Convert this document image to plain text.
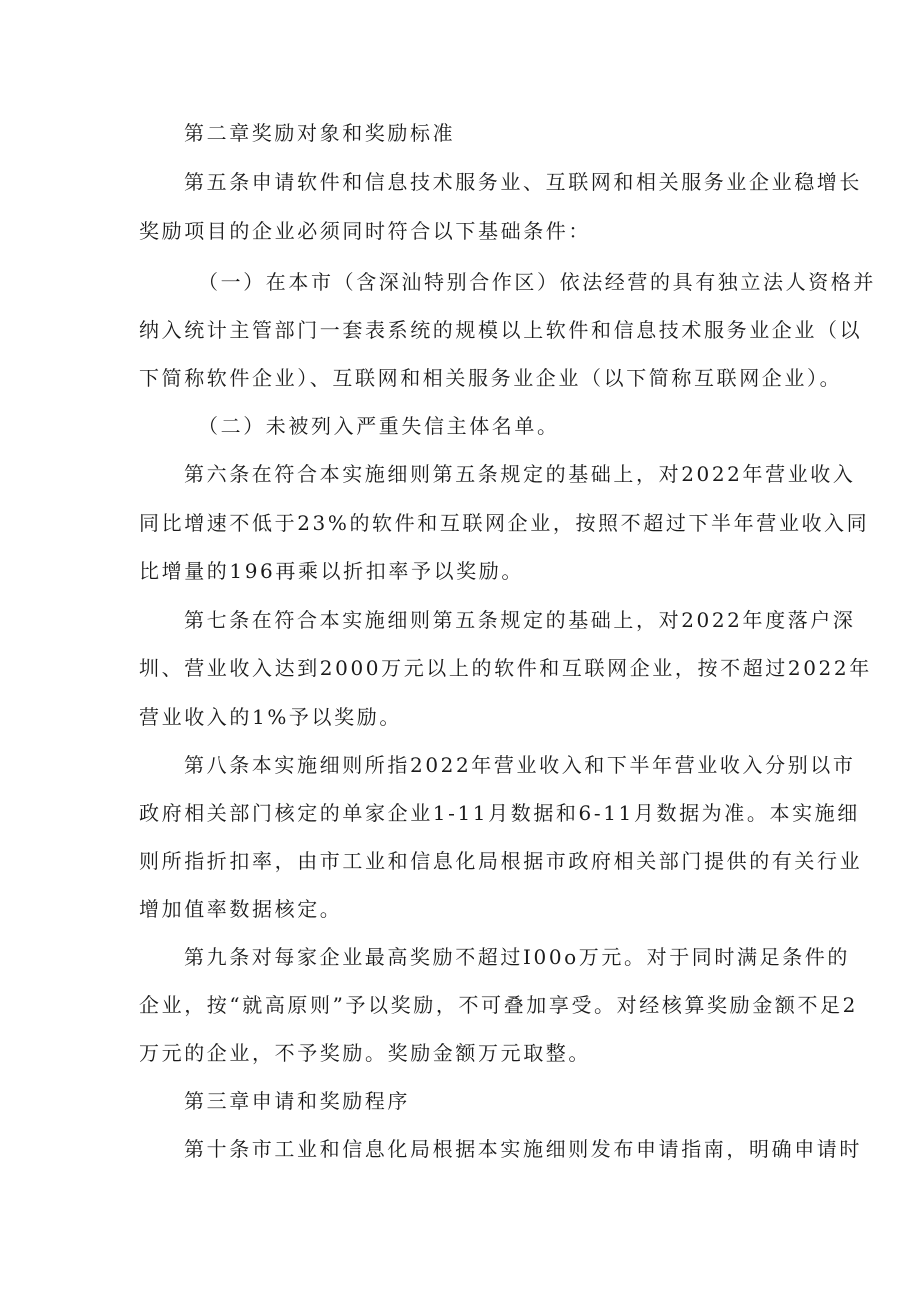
第二章奖励对象和奖励标准
第五条申请软件和信息技术服务业、互联网和相关服务业企业稳增长
奖励项目的企业必须同时符合以下基础条件：
（一）在本市（含深汕特别合作区）依法经营的具有独立法人资格并
纳入统计主管部门一套表系统的规模以上软件和信息技术服务业企业（以
下简称软件企业）、互联网和相关服务业企业（以下简称互联网企业）。
（二）未被列入严重失信主体名单。
第六条在符合本实施细则第五条规定的基础上，对2022年营业收入
同比增速不低于23%的软件和互联网企业，按照不超过下半年营业收入同
比增量的196再乘以折扣率予以奖励。
第七条在符合本实施细则第五条规定的基础上，对2022年度落户深
圳、营业收入达到2000万元以上的软件和互联网企业，按不超过2022年
营业收入的1%予以奖励。
第八条本实施细则所指2022年营业收入和下半年营业收入分别以市
政府相关部门核定的单家企业1-11月数据和6-11月数据为准。本实施细
则所指折扣率，由市工业和信息化局根据市政府相关部门提供的有关行业
增加值率数据核定。
第九条对每家企业最高奖励不超过I00o万元。对于同时满足条件的
企业，按“就高原则”予以奖励，不可叠加享受。对经核算奖励金额不足2
万元的企业，不予奖励。奖励金额万元取整。
第三章申请和奖励程序
第十条市工业和信息化局根据本实施细则发布申请指南，明确申请时
